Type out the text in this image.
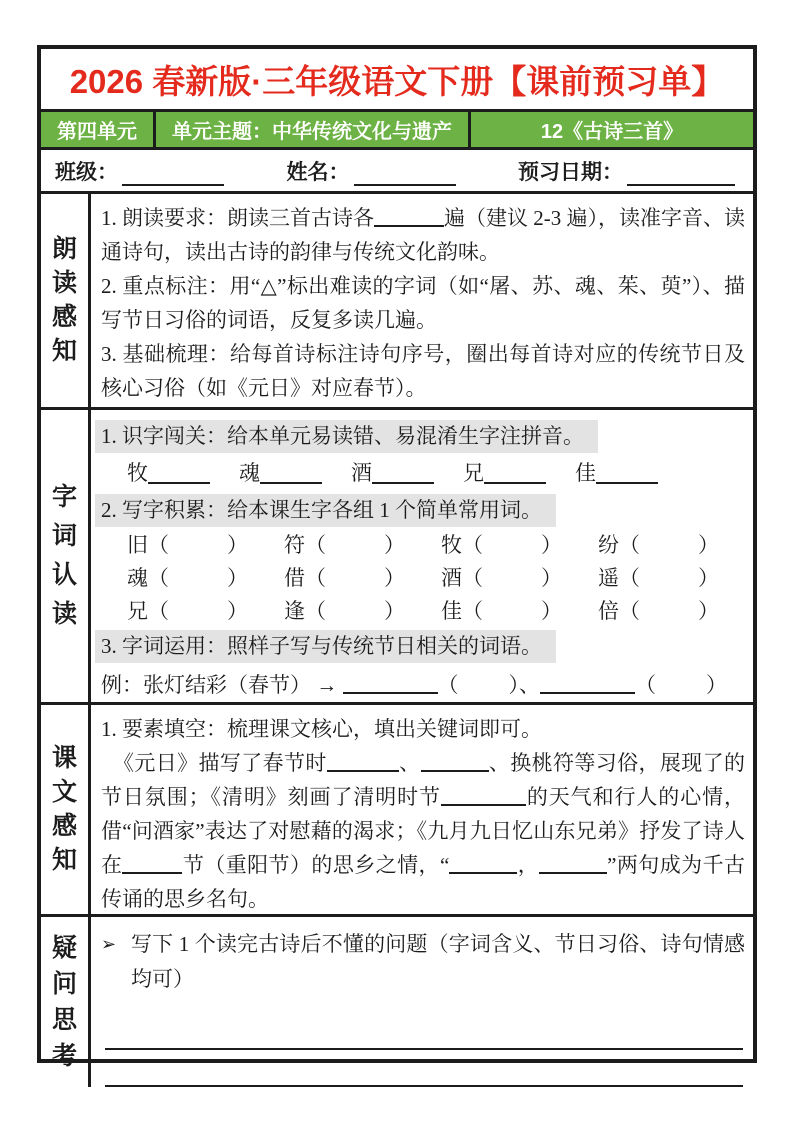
2026 春新版·三年级语文下册【课前预习单】
第四单元	单元主题：中华传统文化与遗产	12《古诗三首》
班级：	姓名：	预习日期：
朗
读
感
知
1. 朗读要求：朗读三首古诗各	遍（建议 2-3 遍），读准字音、读通诗句，读出古诗的韵律与传统文化韵味。
2. 重点标注：用“△”标出难读的字词（如“屠、苏、魂、茱、萸”）、描写节日习俗的词语，反复多读几遍。
3. 基础梳理：给每首诗标注诗句序号，圈出每首诗对应的传统节日及核心习俗（如《元日》对应春节）。
字
词
认
读
1. 识字闯关：给本单元易读错、易混淆生字注拼音。
牧	魂	酒	兄	佳
2. 写字积累：给本课生字各组 1 个简单常用词。
旧（	）	符（	）	牧（	）	纷（	）
魂（	）	借（	）	酒（	）	遥（	）
兄（	）	逢（	）	佳（	）	倍（	）
3. 字词运用：照样子写与传统节日相关的词语。
例：张灯结彩（春节） →	（ ）、	（ ）
课
文
感
知
1. 要素填空：梳理课文核心，填出关键词即可。
《元日》描写了春节时	、	、换桃符等习俗，展现了的节日氛围；《清明》刻画了清明时节	的天气和行人的心情，借“问酒家”表达了对慰藉的渴求；《九月九日忆山东兄弟》抒发了诗人在	节（重阳节）的思乡之情，“	，	”两句成为千古传诵的思乡名句。
疑
问
思
考
➢ 写下 1 个读完古诗后不懂的问题（字词含义、节日习俗、诗句情感均可）
